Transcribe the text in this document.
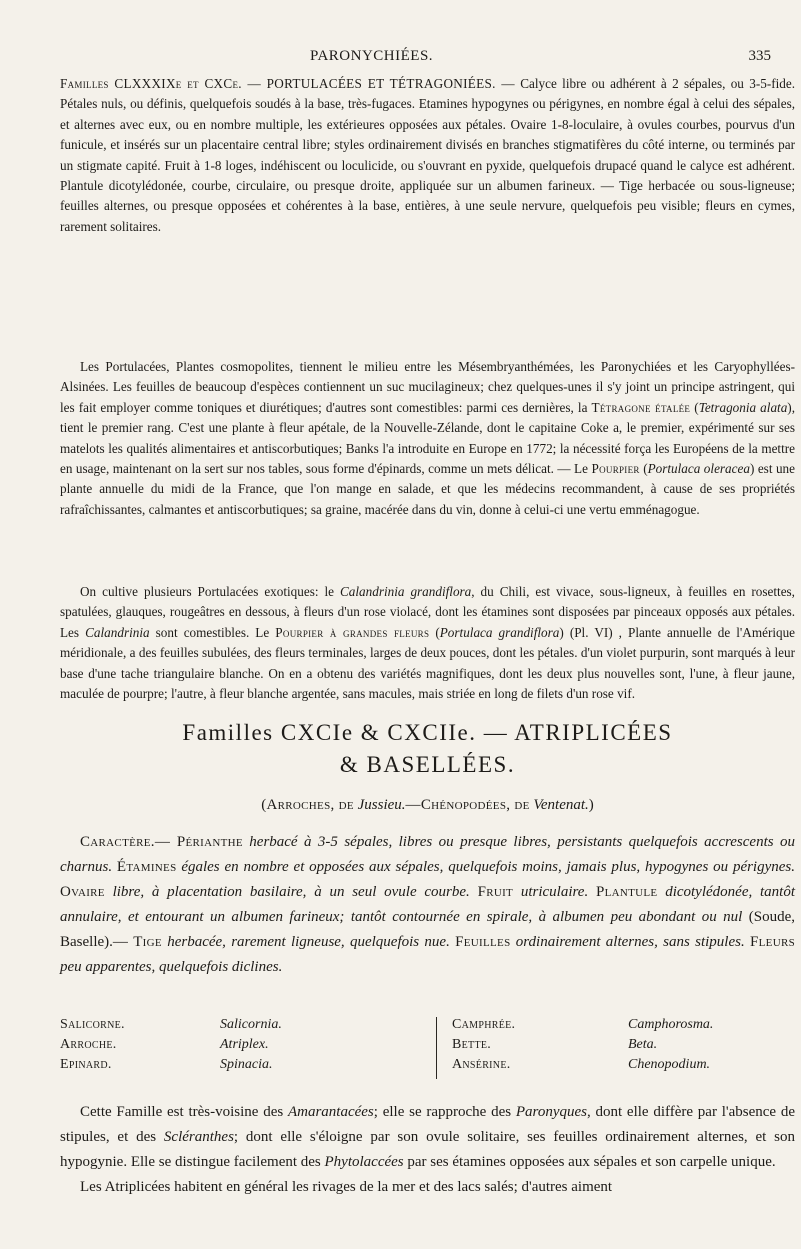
PARONYCHIÉES.	335
Familles CLXXXIXe et CXCe. — PORTULACÉES ET TÉTRAGONIÉES. — Calyce libre ou adhérent à 2 sépales, ou 3-5-fide. Pétales nuls, ou définis, quelquefois soudés à la base, très-fugaces. Etamines hypogynes ou périgynes, en nombre égal à celui des sépales, et alternes avec eux, ou en nombre multiple, les extérieures opposées aux pétales. Ovaire 1-8-loculaire, à ovules courbes, pourvus d'un funicule, et insérés sur un placentaire central libre; styles ordinairement divisés en branches stigmatifères du côté interne, ou terminés par un stigmate capité. Fruit à 1-8 loges, indéhiscent ou loculicide, ou s'ouvrant en pyxide, quelquefois drupacé quand le calyce est adhérent. Plantule dicotylédonée, courbe, circulaire, ou presque droite, appliquée sur un albumen farineux. — Tige herbacée ou sous-ligneuse; feuilles alternes, ou presque opposées et cohérentes à la base, entières, à une seule nervure, quelquefois peu visible; fleurs en cymes, rarement solitaires.
Les Portulacées, Plantes cosmopolites, tiennent le milieu entre les Mésembryanthémées, les Paronychiées et les Caryophyllées-Alsinées. Les feuilles de beaucoup d'espèces contiennent un suc mucilagineux; chez quelques-unes il s'y joint un principe astringent, qui les fait employer comme toniques et diurétiques; d'autres sont comestibles: parmi ces dernières, la Tétragone étalée (Tetragonia alata), tient le premier rang. C'est une plante à fleur apétale, de la Nouvelle-Zélande, dont le capitaine Coke a, le premier, expérimenté sur ses matelots les qualités alimentaires et antiscorbutiques; Banks l'a introduite en Europe en 1772; la nécessité força les Européens de la mettre en usage, maintenant on la sert sur nos tables, sous forme d'épinards, comme un mets délicat. — Le Pourpier (Portulaca oleracea) est une plante annuelle du midi de la France, que l'on mange en salade, et que les médecins recommandent, à cause de ses propriétés rafraîchissantes, calmantes et antiscorbutiques; sa graine, macérée dans du vin, donne à celui-ci une vertu emménagogue.
On cultive plusieurs Portulacées exotiques: le Calandrinia grandiflora, du Chili, est vivace, sous-ligneux, à feuilles en rosettes, spatulées, glauques, rougeâtres en dessous, à fleurs d'un rose violacé, dont les étamines sont disposées par pinceaux opposés aux pétales. Les Calandrinia sont comestibles. Le Pourpier à grandes fleurs (Portulaca grandiflora) (Pl. VI) , Plante annuelle de l'Amérique méridionale, a des feuilles subulées, des fleurs terminales, larges de deux pouces, dont les pétales. d'un violet purpurin, sont marqués à leur base d'une tache triangulaire blanche. On en a obtenu des variétés magnifiques, dont les deux plus nouvelles sont, l'une, à fleur jaune, maculée de pourpre; l'autre, à fleur blanche argentée, sans macules, mais striée en long de filets d'un rose vif.
Familles CXCIe & CXCIIe. — ATRIPLICÉES
& BASELLÉES.
(Arroches, de Jussieu.—Chénopodées, de Ventenat.)
Caractère.— Périanthe herbacé à 3-5 sépales, libres ou presque libres, persistants quelquefois accrescents ou charnus. Étamines égales en nombre et opposées aux sépales, quelquefois moins, jamais plus, hypogynes ou périgynes. Ovaire libre, à placentation basilaire, à un seul ovule courbe. Fruit utriculaire. Plantule dicotylédonée, tantôt annulaire, et entourant un albumen farineux; tantôt contournée en spirale, à albumen peu abondant ou nul (Soude, Baselle).— Tige herbacée, rarement ligneuse, quelquefois nue. Feuilles ordinairement alternes, sans stipules. Fleurs peu apparentes, quelquefois diclines.
Salicorne.
Arroche.
Epinard.
Salicornia.
Atriplex.
Spinacia.
Camphrée.
Bette.
Ansérine.
Camphorosma.
Beta.
Chenopodium.
Cette Famille est très-voisine des Amarantacées; elle se rapproche des Paronyques, dont elle diffère par l'absence de stipules, et des Scléranthes; dont elle s'éloigne par son ovule solitaire, ses feuilles ordinairement alternes, et son hypogynie. Elle se distingue facilement des Phytolaccées par ses étamines opposées aux sépales et son carpelle unique.
Les Atriplicées habitent en général les rivages de la mer et des lacs salés; d'autres aiment
